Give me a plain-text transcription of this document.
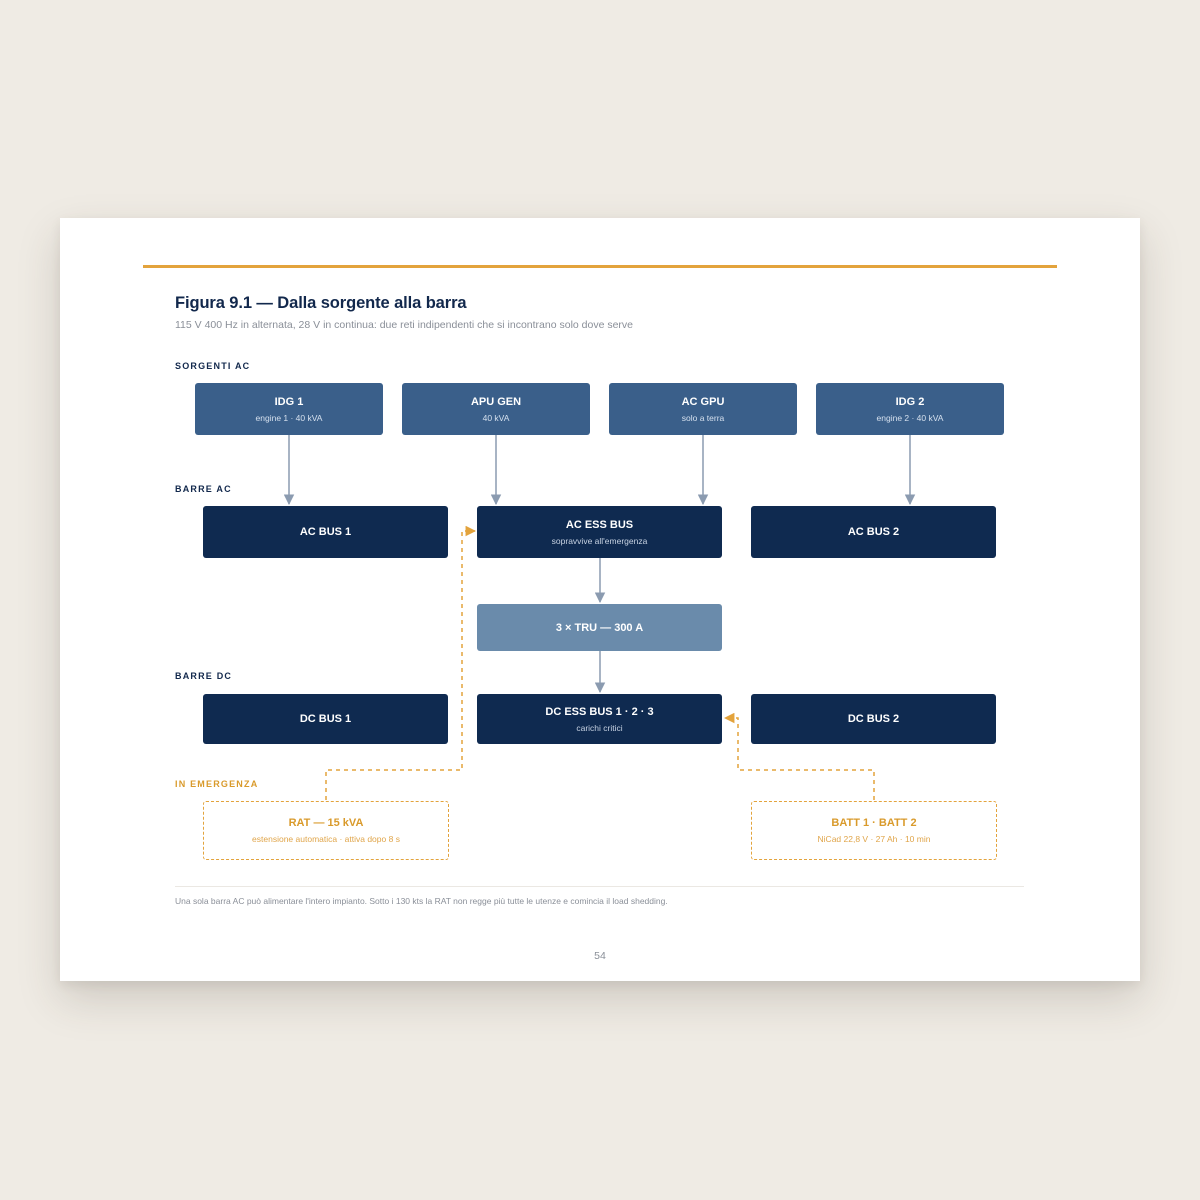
Figura 9.1 — Dalla sorgente alla barra

115 V 400 Hz in alternata, 28 V in continua: due reti indipendenti che si incontrano solo dove serve

SORGENTI AC

BARRE AC

BARRE DC

IN EMERGENZA

IDG 1
engine 1 · 40 kVA
APU GEN
40 kVA
AC GPU
solo a terra
IDG 2
engine 2 · 40 kVA
AC BUS 1
AC ESS BUS
sopravvive all'emergenza
AC BUS 2
3 × TRU — 300 A
DC BUS 1
DC ESS BUS 1 · 2 · 3
carichi critici
DC BUS 2
RAT — 15 kVA
estensione automatica · attiva dopo 8 s
BATT 1 · BATT 2
NiCad 22,8 V · 27 Ah · 10 min

Una sola barra AC può alimentare l'intero impianto. Sotto i 130 kts la RAT non regge più tutte le utenze e comincia il load shedding.

54
